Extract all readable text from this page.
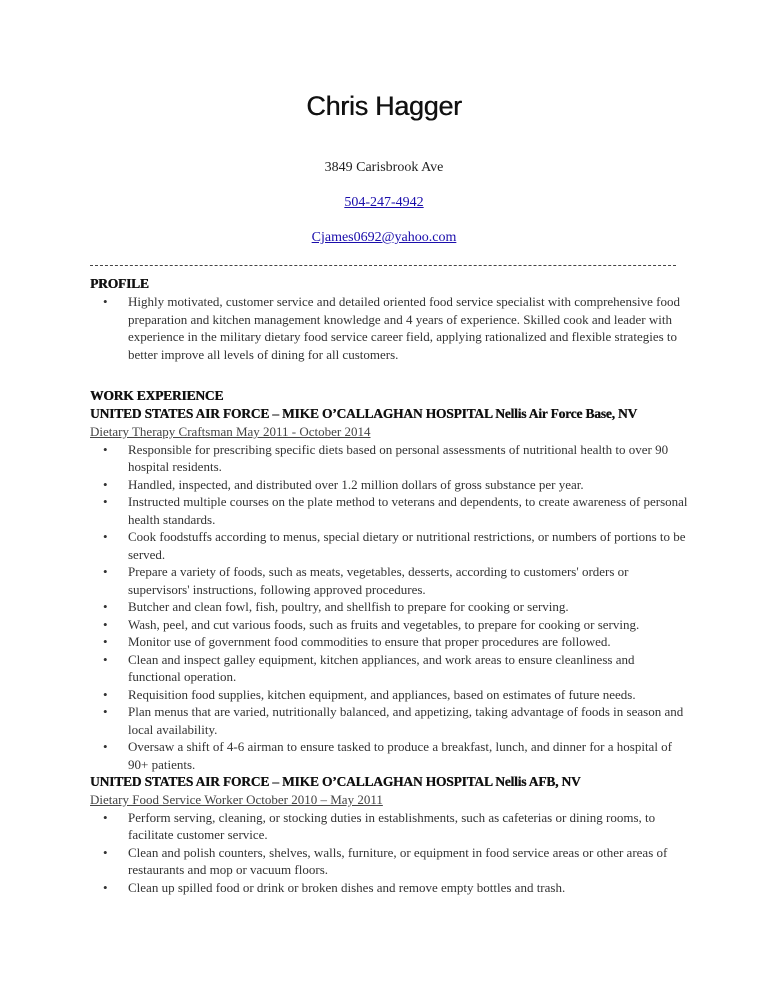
Chris Hagger
3849 Carisbrook Ave
504-247-4942
Cjames0692@yahoo.com
PROFILE
• Highly motivated, customer service and detailed oriented food service specialist with comprehensive food preparation and kitchen management knowledge and 4 years of experience. Skilled cook and leader with experience in the military dietary food service career field, applying rationalized and flexible strategies to better improve all levels of dining for all customers.
WORK EXPERIENCE
UNITED STATES AIR FORCE – MIKE O’CALLAGHAN HOSPITAL Nellis Air Force Base, NV
Dietary Therapy Craftsman May 2011 - October 2014
• Responsible for prescribing specific diets based on personal assessments of nutritional health to over 90 hospital residents.
• Handled, inspected, and distributed over 1.2 million dollars of gross substance per year.
• Instructed multiple courses on the plate method to veterans and dependents, to create awareness of personal health standards.
• Cook foodstuffs according to menus, special dietary or nutritional restrictions, or numbers of portions to be served.
• Prepare a variety of foods, such as meats, vegetables, desserts, according to customers' orders or supervisors' instructions, following approved procedures.
• Butcher and clean fowl, fish, poultry, and shellfish to prepare for cooking or serving.
• Wash, peel, and cut various foods, such as fruits and vegetables, to prepare for cooking or serving.
• Monitor use of government food commodities to ensure that proper procedures are followed.
• Clean and inspect galley equipment, kitchen appliances, and work areas to ensure cleanliness and functional operation.
• Requisition food supplies, kitchen equipment, and appliances, based on estimates of future needs.
• Plan menus that are varied, nutritionally balanced, and appetizing, taking advantage of foods in season and local availability.
• Oversaw a shift of 4-6 airman to ensure tasked to produce a breakfast, lunch, and dinner for a hospital of 90+ patients.
UNITED STATES AIR FORCE – MIKE O’CALLAGHAN HOSPITAL Nellis AFB, NV
Dietary Food Service Worker October 2010 – May 2011
• Perform serving, cleaning, or stocking duties in establishments, such as cafeterias or dining rooms, to facilitate customer service.
• Clean and polish counters, shelves, walls, furniture, or equipment in food service areas or other areas of restaurants and mop or vacuum floors.
• Clean up spilled food or drink or broken dishes and remove empty bottles and trash.
